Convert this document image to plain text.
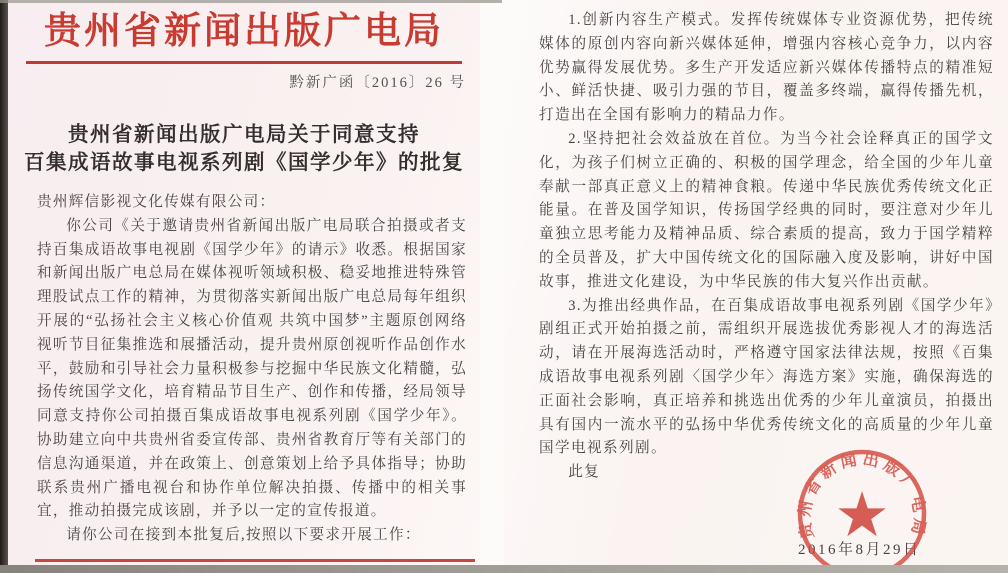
贵州省新闻出版广电局
黔新广函〔2016〕26 号
贵州省新闻出版广电局关于同意支持
百集成语故事电视系列剧《国学少年》的批复
贵州辉信影视文化传媒有限公司：
你公司《关于邀请贵州省新闻出版广电局联合拍摄或者支持百集成语故事电视剧《国学少年》的请示》收悉。根据国家和新闻出版广电总局在媒体视听领域积极、稳妥地推进特殊管理股试点工作的精神，为贯彻落实新闻出版广电总局每年组织开展的“弘扬社会主义核心价值观 共筑中国梦”主题原创网络视听节目征集推选和展播活动，提升贵州原创视听作品创作水平，鼓励和引导社会力量积极参与挖掘中华民族文化精髓，弘扬传统国学文化，培育精品节目生产、创作和传播，经局领导同意支持你公司拍摄百集成语故事电视系列剧《国学少年》。协助建立向中共贵州省委宣传部、贵州省教育厅等有关部门的信息沟通渠道，并在政策上、创意策划上给予具体指导；协助联系贵州广播电视台和协作单位解决拍摄、传播中的相关事宜，推动拍摄完成该剧，并予以一定的宣传报道。
请你公司在接到本批复后,按照以下要求开展工作：
1.创新内容生产模式。发挥传统媒体专业资源优势，把传统媒体的原创内容向新兴媒体延伸，增强内容核心竞争力，以内容优势赢得发展优势。多生产开发适应新兴媒体传播特点的精准短小、鲜活快捷、吸引力强的节目，覆盖多终端，赢得传播先机，打造出在全国有影响力的精品力作。
2.坚持把社会效益放在首位。为当今社会诠释真正的国学文化，为孩子们树立正确的、积极的国学理念，给全国的少年儿童奉献一部真正意义上的精神食粮。传递中华民族优秀传统文化正能量。在普及国学知识，传扬国学经典的同时，要注意对少年儿童独立思考能力及精神品质、综合素质的提高，致力于国学精粹的全员普及，扩大中国传统文化的国际融入度及影响，讲好中国故事，推进文化建设，为中华民族的伟大复兴作出贡献。
3.为推出经典作品，在百集成语故事电视系列剧《国学少年》剧组正式开始拍摄之前，需组织开展选拔优秀影视人才的海选活动，请在开展海选活动时，严格遵守国家法律法规，按照《百集成语故事电视系列剧〈国学少年〉海选方案》实施，确保海选的正面社会影响，真正培养和挑选出优秀的少年儿童演员，拍摄出具有国内一流水平的弘扬中华优秀传统文化的高质量的少年儿童国学电视系列剧。
此复
2016年8月29日
贵州省新闻出版广电局
★
